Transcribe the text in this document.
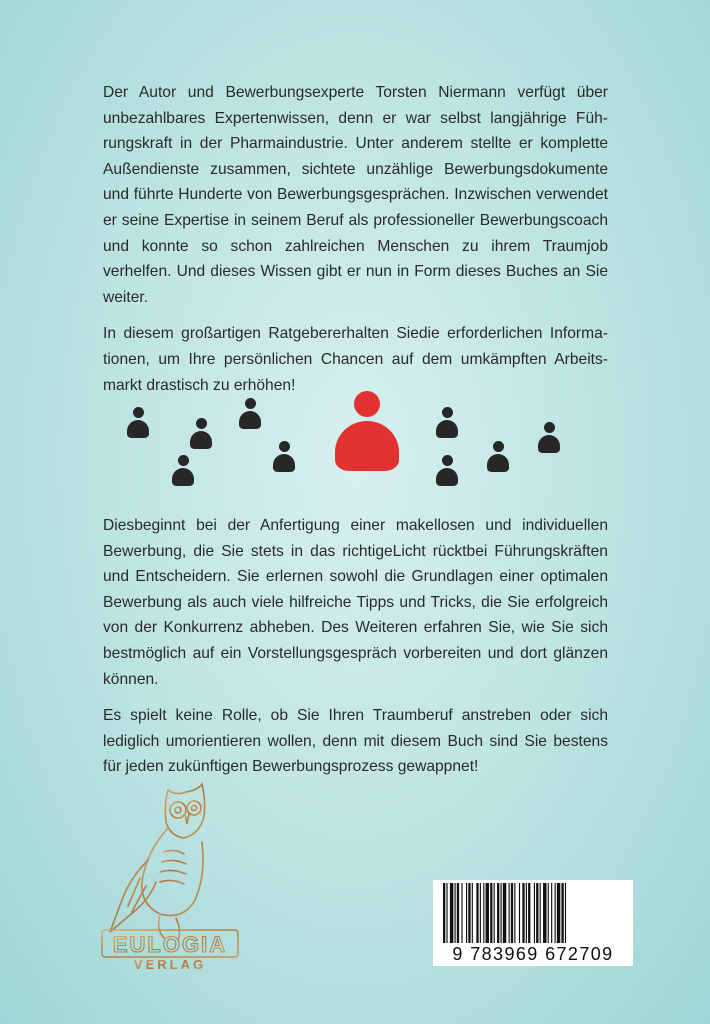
Der Autor und Bewerbungsexperte Torsten Niermann verfügt über unbezahlbares Expertenwissen, denn er war selbst langjährige Führungskraft in der Pharmaindustrie. Unter anderem stellte er komplette Außendienste zusammen, sichtete unzählige Bewerbungsdokumente und führte Hunderte von Bewerbungsgesprächen. Inzwischen verwendet er seine Expertise in seinem Beruf als professioneller Bewerbungscoach und konnte so schon zahlreichen Menschen zu ihrem Traumjob verhelfen. Und dieses Wissen gibt er nun in Form dieses Buches an Sie weiter.

In diesem großartigen Ratgebererhalten Siedie erforderlichen Informationen, um Ihre persönlichen Chancen auf dem umkämpften Arbeitsmarkt drastisch zu erhöhen!

Diesbeginnt bei der Anfertigung einer makellosen und individuellen Bewerbung, die Sie stets in das richtigeLicht rücktbei Führungskräften und Entscheidern. Sie erlernen sowohl die Grundlagen einer optimalen Bewerbung als auch viele hilfreiche Tipps und Tricks, die Sie erfolgreich von der Konkurrenz abheben. Des Weiteren erfahren Sie, wie Sie sich bestmöglich auf ein Vorstellungsgespräch vorbereiten und dort glänzen können.

Es spielt keine Rolle, ob Sie Ihren Traumberuf anstreben oder sich lediglich umorientieren wollen, denn mit diesem Buch sind Sie bestens für jeden zukünftigen Bewerbungsprozess gewappnet!

EULOGIA
VERLAG
9 783969 672709
